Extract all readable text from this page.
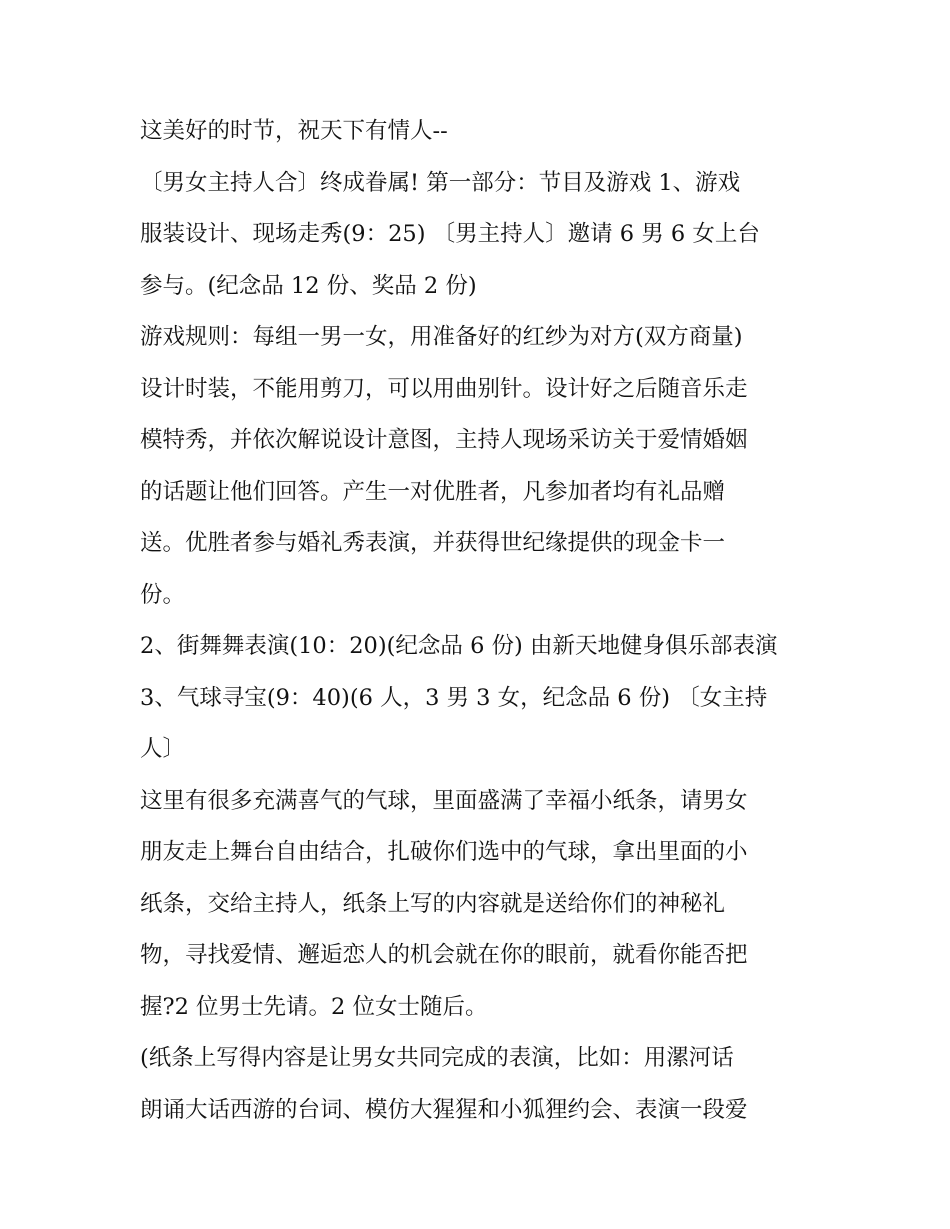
这美好的时节，祝天下有情人--
〔男女主持人合〕终成眷属! 第一部分：节目及游戏 1、游戏
服装设计、现场走秀(9：25) 〔男主持人〕邀请 6 男 6 女上台
参与。(纪念品 12 份、奖品 2 份)
游戏规则：每组一男一女，用准备好的红纱为对方(双方商量)
设计时装，不能用剪刀，可以用曲别针。设计好之后随音乐走
模特秀，并依次解说设计意图，主持人现场采访关于爱情婚姻
的话题让他们回答。产生一对优胜者，凡参加者均有礼品赠
送。优胜者参与婚礼秀表演，并获得世纪缘提供的现金卡一
份。
2、街舞舞表演(10：20)(纪念品 6 份) 由新天地健身俱乐部表演
3、气球寻宝(9：40)(6 人，3 男 3 女，纪念品 6 份) 〔女主持
人〕
这里有很多充满喜气的气球，里面盛满了幸福小纸条，请男女
朋友走上舞台自由结合，扎破你们选中的气球，拿出里面的小
纸条，交给主持人，纸条上写的内容就是送给你们的神秘礼
物，寻找爱情、邂逅恋人的机会就在你的眼前，就看你能否把
握?2 位男士先请。2 位女士随后。
(纸条上写得内容是让男女共同完成的表演，比如：用漯河话
朗诵大话西游的台词、模仿大猩猩和小狐狸约会、表演一段爱
